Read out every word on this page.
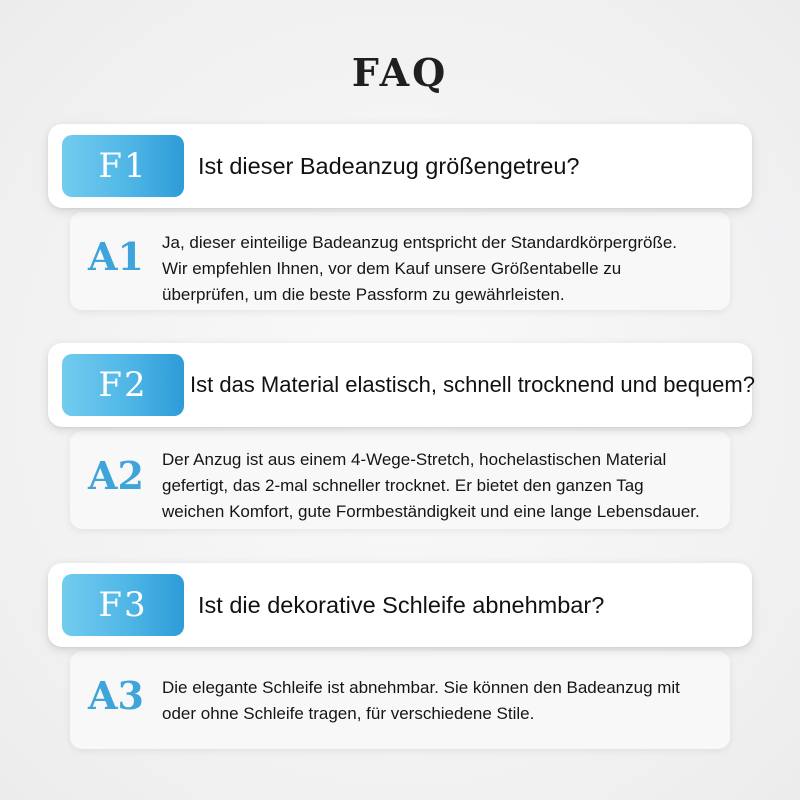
FAQ
A1 Ja, dieser einteilige Badeanzug entspricht der Standardkörpergröße.
Wir empfehlen Ihnen, vor dem Kauf unsere Größentabelle zu
überprüfen, um die beste Passform zu gewährleisten.
F1	Ist dieser Badeanzug größengetreu?
A2 Der Anzug ist aus einem 4-Wege-Stretch, hochelastischen Material
gefertigt, das 2-mal schneller trocknet. Er bietet den ganzen Tag
weichen Komfort, gute Formbeständigkeit und eine lange Lebensdauer.
F2	Ist das Material elastisch, schnell trocknend und bequem?
A3 Die elegante Schleife ist abnehmbar. Sie können den Badeanzug mit
oder ohne Schleife tragen, für verschiedene Stile.
F3	Ist die dekorative Schleife abnehmbar?
